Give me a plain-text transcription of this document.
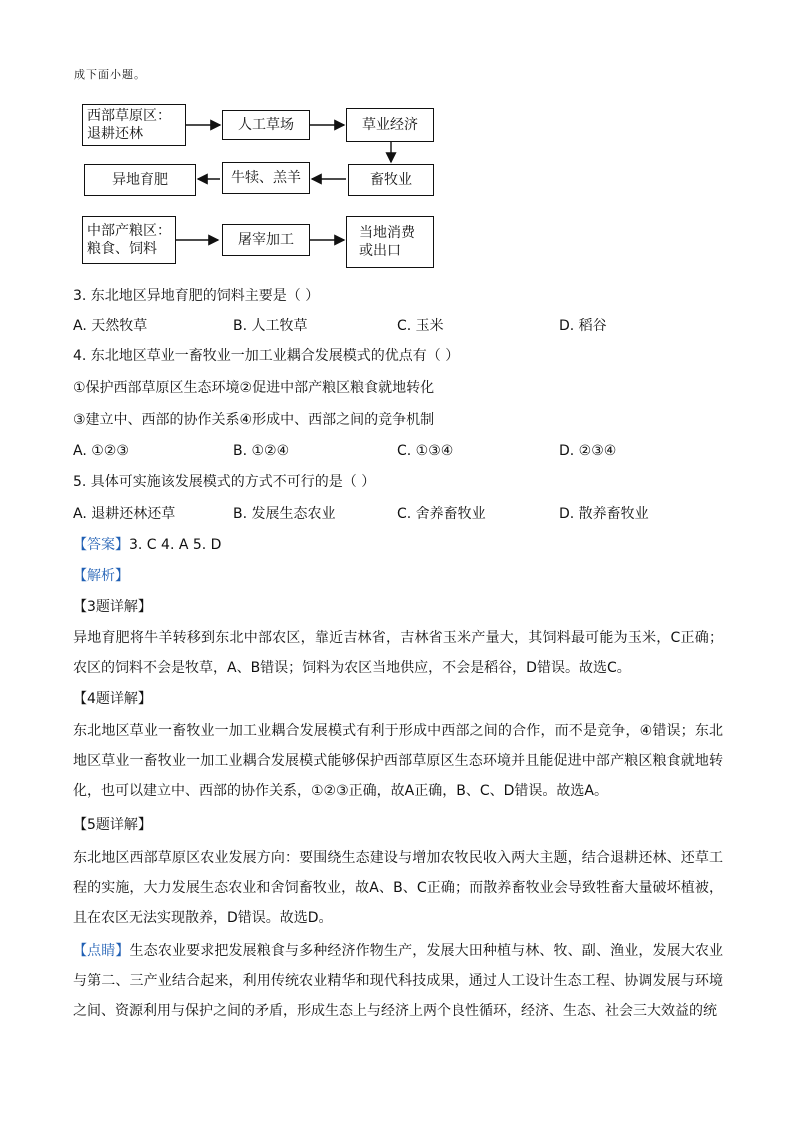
成下面小题。
西部草原区：
退耕还林
人工草场	草业经济
异地育肥	牛犊、羔羊	畜牧业
中部产粮区：
粮食、饲料
屠宰加工	当地消费
或出口
3. 东北地区异地育肥的饲料主要是（ ）
A. 天然牧草	B. 人工牧草	C. 玉米	D. 稻谷
4. 东北地区草业一畜牧业一加工业耦合发展模式的优点有（ ）
①保护西部草原区生态环境②促进中部产粮区粮食就地转化
③建立中、西部的协作关系④形成中、西部之间的竞争机制
A. ①②③	B. ①②④	C. ①③④	D. ②③④
5. 具体可实施该发展模式的方式不可行的是（ ）
A. 退耕还林还草	B. 发展生态农业	C. 舍养畜牧业	D. 散养畜牧业
【答案】3. C 4. A 5. D
【解析】
【3题详解】
异地育肥将牛羊转移到东北中部农区，靠近吉林省，吉林省玉米产量大，其饲料最可能为玉米，C正确；农区的饲料不会是牧草，A、B错误；饲料为农区当地供应，不会是稻谷，D错误。故选C。
【4题详解】
东北地区草业一畜牧业一加工业耦合发展模式有利于形成中西部之间的合作，而不是竞争，④错误；东北地区草业一畜牧业一加工业耦合发展模式能够保护西部草原区生态环境并且能促进中部产粮区粮食就地转化，也可以建立中、西部的协作关系，①②③正确，故A正确，B、C、D错误。故选A。
【5题详解】
东北地区西部草原区农业发展方向：要围绕生态建设与增加农牧民收入两大主题，结合退耕还林、还草工程的实施，大力发展生态农业和舍饲畜牧业，故A、B、C正确；而散养畜牧业会导致牲畜大量破坏植被，且在农区无法实现散养，D错误。故选D。
【点睛】生态农业要求把发展粮食与多种经济作物生产，发展大田种植与林、牧、副、渔业，发展大农业与第二、三产业结合起来，利用传统农业精华和现代科技成果，通过人工设计生态工程、协调发展与环境之间、资源利用与保护之间的矛盾，形成生态上与经济上两个良性循环，经济、生态、社会三大效益的统
